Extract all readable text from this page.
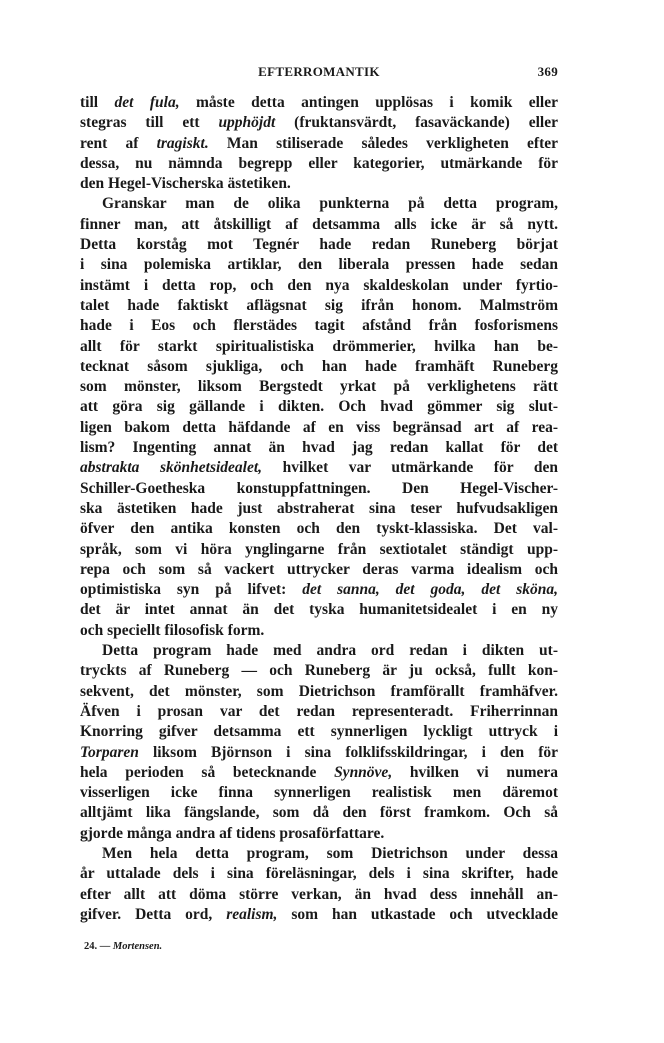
EFTERROMANTIK	369

till det fula, måste detta antingen upplösas i komik eller

stegras till ett upphöjdt (fruktansvärdt, fasaväckande) eller

rent af tragiskt. Man stiliserade således verkligheten efter

dessa, nu nämnda begrepp eller kategorier, utmärkande för

den Hegel-Vischerska ästetiken.

Granskar man de olika punkterna på detta program,

finner man, att åtskilligt af detsamma alls icke är så nytt.

Detta korståg mot Tegnér hade redan Runeberg börjat

i sina polemiska artiklar, den liberala pressen hade sedan

instämt i detta rop, och den nya skaldeskolan under fyrtio-

talet hade faktiskt aflägsnat sig ifrån honom. Malmström

hade i Eos och flerstädes tagit afstånd från fosforismens

allt för starkt spiritualistiska drömmerier, hvilka han be-

tecknat såsom sjukliga, och han hade framhäft Runeberg

som mönster, liksom Bergstedt yrkat på verklighetens rätt

att göra sig gällande i dikten. Och hvad gömmer sig slut-

ligen bakom detta häfdande af en viss begränsad art af rea-

lism? Ingenting annat än hvad jag redan kallat för det

abstrakta skönhetsidealet, hvilket var utmärkande för den

Schiller-Goetheska konstuppfattningen. Den Hegel-Vischer-

ska ästetiken hade just abstraherat sina teser hufvudsakligen

öfver den antika konsten och den tyskt-klassiska. Det val-

språk, som vi höra ynglingarne från sextiotalet ständigt upp-

repa och som så vackert uttrycker deras varma idealism och

optimistiska syn på lifvet: det sanna, det goda, det sköna,

det är intet annat än det tyska humanitetsidealet i en ny

och speciellt filosofisk form.

Detta program hade med andra ord redan i dikten ut-

tryckts af Runeberg — och Runeberg är ju också, fullt kon-

sekvent, det mönster, som Dietrichson framförallt framhäfver.

Äfven i prosan var det redan representeradt. Friherrinnan

Knorring gifver detsamma ett synnerligen lyckligt uttryck i

Torparen liksom Björnson i sina folklifsskildringar, i den för

hela perioden så betecknande Synnöve, hvilken vi numera

visserligen icke finna synnerligen realistisk men däremot

alltjämt lika fängslande, som då den först framkom. Och så

gjorde många andra af tidens prosaförfattare.

Men hela detta program, som Dietrichson under dessa

år uttalade dels i sina föreläsningar, dels i sina skrifter, hade

efter allt att döma större verkan, än hvad dess innehåll an-

gifver. Detta ord, realism, som han utkastade och utvecklade

24. — Mortensen.
